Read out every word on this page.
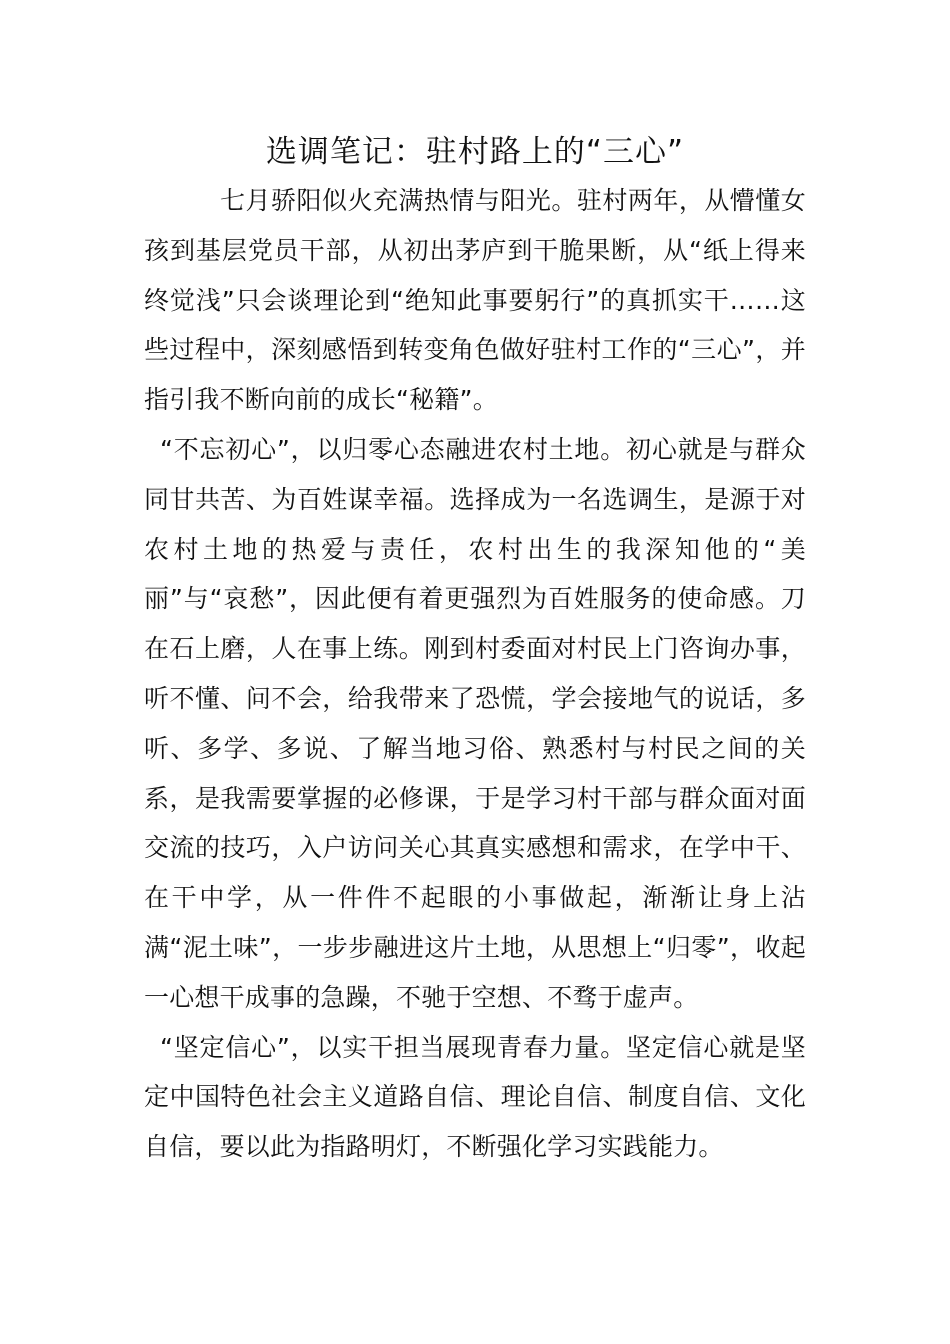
选调笔记：驻村路上的“三心”

七月骄阳似火充满热情与阳光。驻村两年，从懵懂女孩到基层党员干部，从初出茅庐到干脆果断，从“纸上得来终觉浅”只会谈理论到“绝知此事要躬行”的真抓实干……这些过程中，深刻感悟到转变角色做好驻村工作的“三心”，并指引我不断向前的成长“秘籍”。

“不忘初心”，以归零心态融进农村土地。初心就是与群众同甘共苦、为百姓谋幸福。选择成为一名选调生，是源于对农村土地的热爱与责任，农村出生的我深知他的“美丽”与“哀愁”，因此便有着更强烈为百姓服务的使命感。刀在石上磨，人在事上练。刚到村委面对村民上门咨询办事，听不懂、问不会，给我带来了恐慌，学会接地气的说话，多听、多学、多说、了解当地习俗、熟悉村与村民之间的关系，是我需要掌握的必修课，于是学习村干部与群众面对面交流的技巧，入户访问关心其真实感想和需求，在学中干、在干中学，从一件件不起眼的小事做起，渐渐让身上沾满“泥土味”，一步步融进这片土地，从思想上“归零”，收起一心想干成事的急躁，不驰于空想、不骛于虚声。

“坚定信心”，以实干担当展现青春力量。坚定信心就是坚定中国特色社会主义道路自信、理论自信、制度自信、文化自信，要以此为指路明灯，不断强化学习实践能力。
